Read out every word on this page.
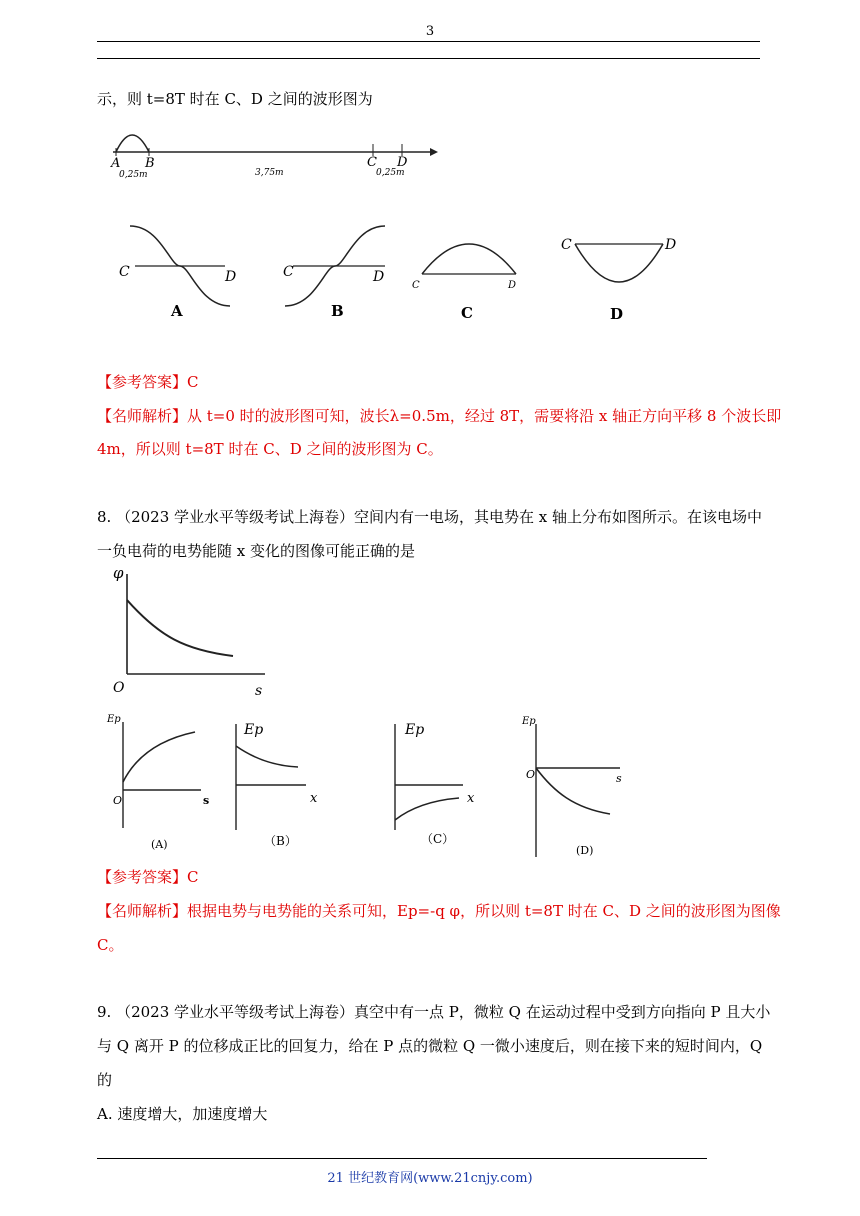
3
示，则 t=8T 时在 C、D 之间的波形图为
A B	C D
0,25m	3,75m	0,25m
C	D
A
C	D
B
C	D
C
C	D
D
【参考答案】C
【名师解析】从 t=0 时的波形图可知，波长λ=0.5m，经过 8T，需要将沿 x 轴正方向平移 8 个波长即
4m，所以则 t=8T 时在 C、D 之间的波形图为 C。
8. （2023 学业水平等级考试上海卷）空间内有一电场，其电势在 x 轴上分布如图所示。在该电场中
一负电荷的电势能随 x 变化的图像可能正确的是
φ
O	s
Ep
O	s
(A)
Ep
x
（B）
Ep
x
（C）
Ep
O	s
(D)
【参考答案】C
【名师解析】根据电势与电势能的关系可知，Ep=-q φ，所以则 t=8T 时在 C、D 之间的波形图为图像
C。
9. （2023 学业水平等级考试上海卷）真空中有一点 P，微粒 Q 在运动过程中受到方向指向 P 且大小
与 Q 离开 P 的位移成正比的回复力，给在 P 点的微粒 Q 一微小速度后，则在接下来的短时间内，Q
的
A. 速度增大，加速度增大
21 世纪教育网(www.21cnjy.com)
